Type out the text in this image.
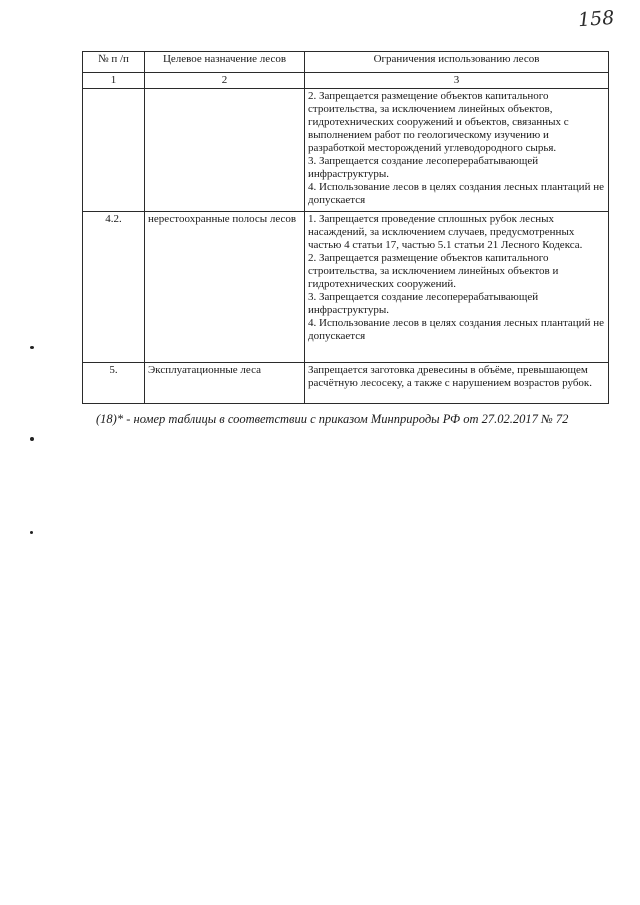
158
№ п /п	Целевое назначение лесов	Ограничения использованию лесов
1	2	3
		2. Запрещается размещение объектов капитального строительства, за исключением линейных объектов, гидротехнических сооружений и объектов, связанных с выполнением работ по геологическому изучению и разработкой месторождений углеводородного сырья.
3. Запрещается создание лесоперерабатывающей инфраструктуры.
4. Использование лесов в целях создания лесных плантаций не допускается
4.2.	нерестоохранные полосы лесов	1. Запрещается проведение сплошных рубок лесных насаждений, за исключением случаев, предусмотренных частью 4 статьи 17, частью 5.1 статьи 21 Лесного Кодекса.
2. Запрещается размещение объектов капитального строительства, за исключением линейных объектов и гидротехнических сооружений.
3. Запрещается создание лесоперерабатывающей инфраструктуры.
4. Использование лесов в целях создания лесных плантаций не допускается
5.	Эксплуатационные леса	Запрещается заготовка древесины в объёме, превышающем расчётную лесосеку, а также с нарушением возрастов рубок.
(18)* - номер таблицы в соответствии с приказом Минприроды РФ от 27.02.2017 № 72
